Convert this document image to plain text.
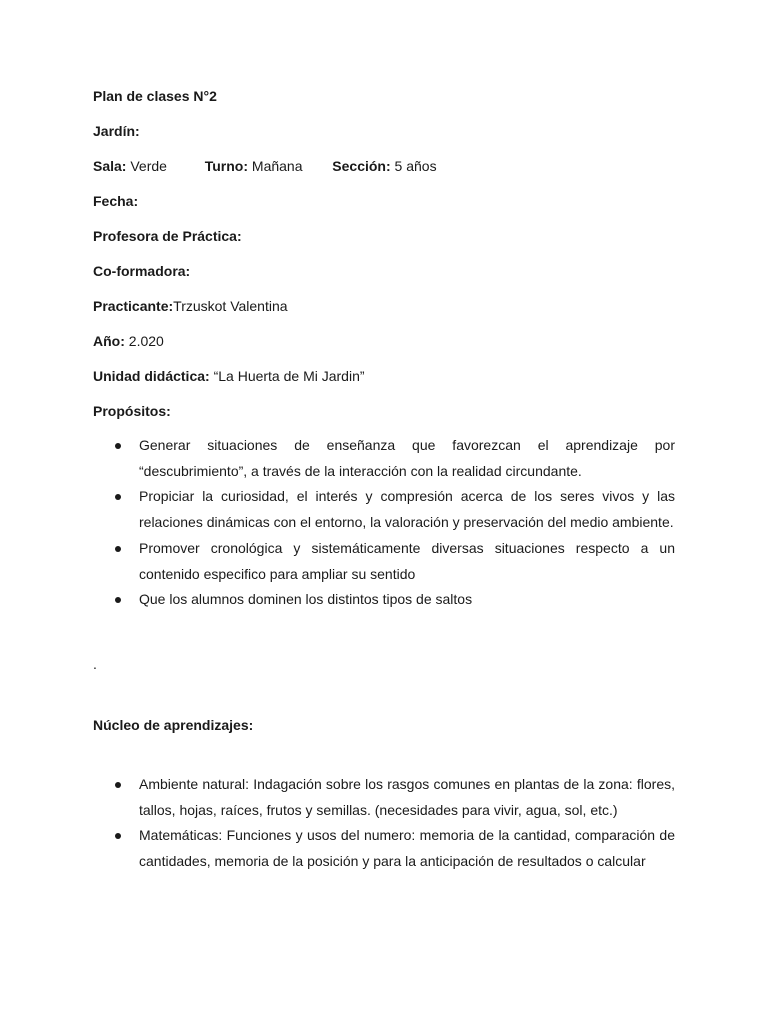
Plan de clases N°2
Jardín:
Sala: Verde	Turno: Mañana Sección: 5 años
Fecha:
Profesora de Práctica:
Co-formadora:
Practicante:Trzuskot Valentina
Año: 2.020
Unidad didáctica: “La Huerta de Mi Jardin”
Propósitos:
Generar situaciones de enseñanza que favorezcan el aprendizaje por “descubrimiento”, a través de la interacción con la realidad circundante.
Propiciar la curiosidad, el interés y compresión acerca de los seres vivos y las relaciones dinámicas con el entorno, la valoración y preservación del medio ambiente.
Promover cronológica y sistemáticamente diversas situaciones respecto a un contenido especifico para ampliar su sentido
Que los alumnos dominen los distintos tipos de saltos
.
Núcleo de aprendizajes:
Ambiente natural: Indagación sobre los rasgos comunes en plantas de la zona: flores, tallos, hojas, raíces, frutos y semillas. (necesidades para vivir, agua, sol, etc.)
Matemáticas: Funciones y usos del numero: memoria de la cantidad, comparación de cantidades, memoria de la posición y para la anticipación de resultados o calcular
